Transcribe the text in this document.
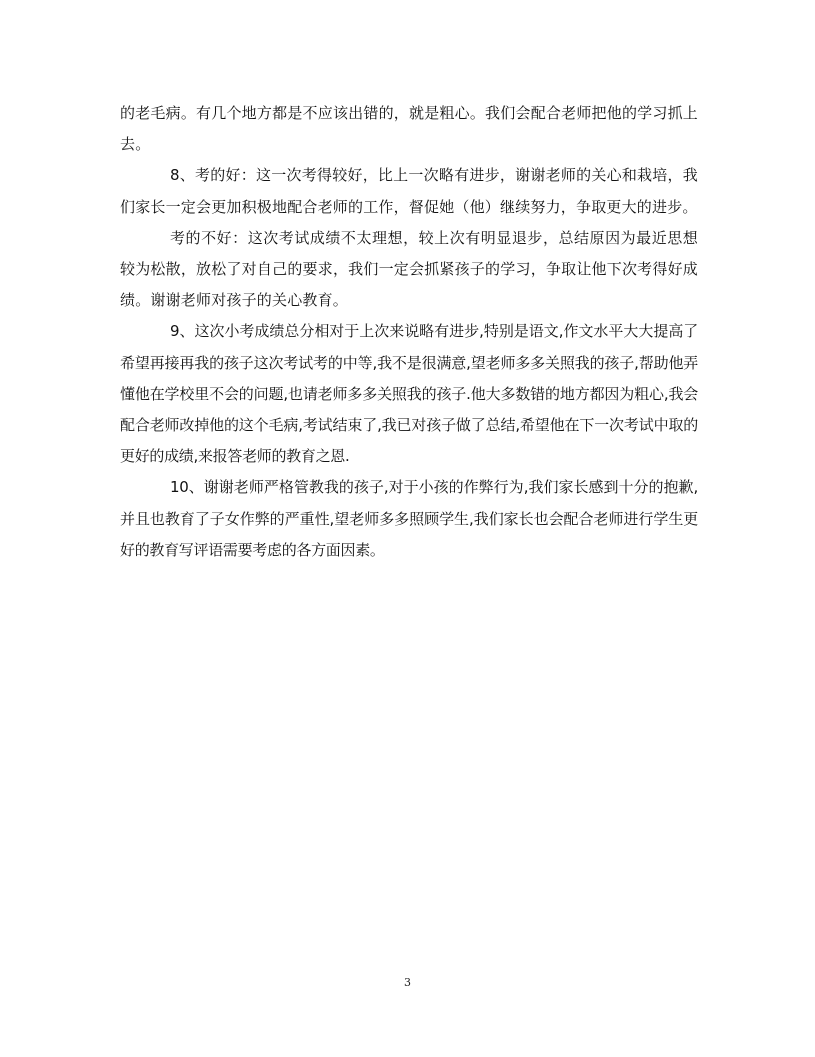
的老毛病。有几个地方都是不应该出错的，就是粗心。我们会配合老师把他的学习抓上去。

8、考的好：这一次考得较好，比上一次略有进步，谢谢老师的关心和栽培，我们家长一定会更加积极地配合老师的工作，督促她（他）继续努力，争取更大的进步。

考的不好：这次考试成绩不太理想，较上次有明显退步，总结原因为最近思想较为松散，放松了对自己的要求，我们一定会抓紧孩子的学习，争取让他下次考得好成绩。谢谢老师对孩子的关心教育。

9、这次小考成绩总分相对于上次来说略有进步,特别是语文,作文水平大大提高了希望再接再我的孩子这次考试考的中等,我不是很满意,望老师多多关照我的孩子,帮助他弄懂他在学校里不会的问题,也请老师多多关照我的孩子.他大多数错的地方都因为粗心,我会配合老师改掉他的这个毛病,考试结束了,我已对孩子做了总结,希望他在下一次考试中取的更好的成绩,来报答老师的教育之恩.

10、谢谢老师严格管教我的孩子,对于小孩的作弊行为,我们家长感到十分的抱歉,并且也教育了子女作弊的严重性,望老师多多照顾学生,我们家长也会配合老师进行学生更好的教育写评语需要考虑的各方面因素。

3
